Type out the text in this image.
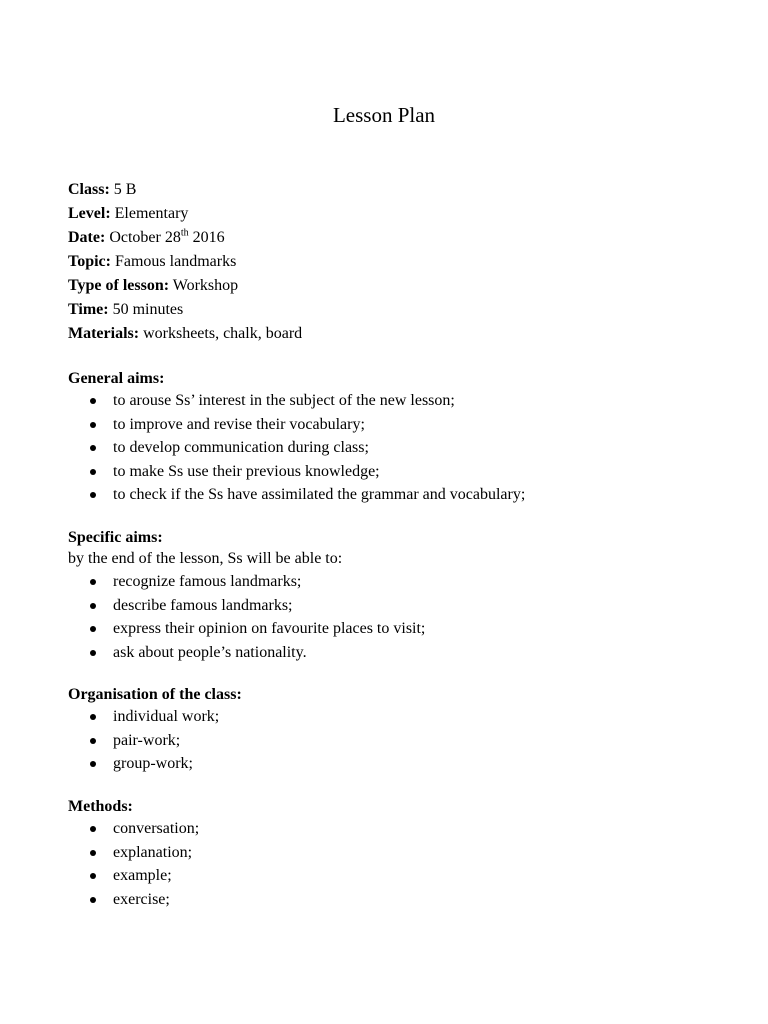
Lesson Plan
Class: 5 B
Level: Elementary
Date: October 28th 2016
Topic: Famous landmarks
Type of lesson: Workshop
Time: 50 minutes
Materials: worksheets, chalk, board
General aims:
to arouse Ss’ interest in the subject of the new lesson;
to improve and revise their vocabulary;
to develop communication during class;
to make Ss use their previous knowledge;
to check if the Ss have assimilated the grammar and vocabulary;
Specific aims:
by the end of the lesson, Ss will be able to:
recognize famous landmarks;
describe famous landmarks;
express their opinion on favourite places to visit;
ask about people’s nationality.
Organisation of the class:
individual work;
pair-work;
group-work;
Methods:
conversation;
explanation;
example;
exercise;
